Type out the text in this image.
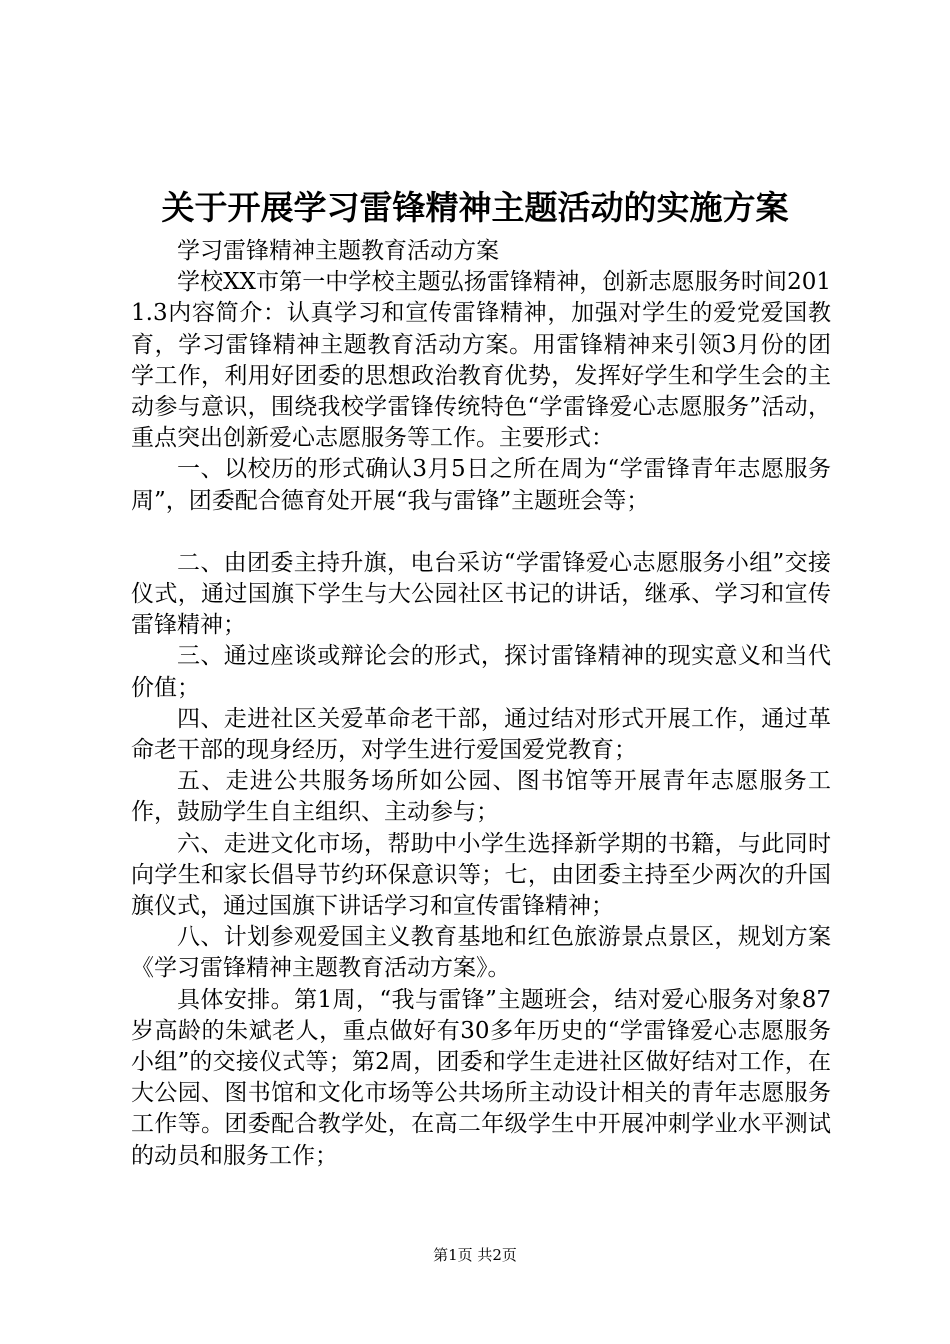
关于开展学习雷锋精神主题活动的实施方案

学习雷锋精神主题教育活动方案

学校XX市第一中学校主题弘扬雷锋精神，创新志愿服务时间2011.3内容简介：认真学习和宣传雷锋精神，加强对学生的爱党爱国教育，学习雷锋精神主题教育活动方案。用雷锋精神来引领3月份的团学工作，利用好团委的思想政治教育优势，发挥好学生和学生会的主动参与意识，围绕我校学雷锋传统特色“学雷锋爱心志愿服务”活动，重点突出创新爱心志愿服务等工作。主要形式：

一、以校历的形式确认3月5日之所在周为“学雷锋青年志愿服务周”，团委配合德育处开展“我与雷锋”主题班会等；

二、由团委主持升旗，电台采访“学雷锋爱心志愿服务小组”交接仪式，通过国旗下学生与大公园社区书记的讲话，继承、学习和宣传雷锋精神；

三、通过座谈或辩论会的形式，探讨雷锋精神的现实意义和当代价值；

四、走进社区关爱革命老干部，通过结对形式开展工作，通过革命老干部的现身经历，对学生进行爱国爱党教育；

五、走进公共服务场所如公园、图书馆等开展青年志愿服务工作，鼓励学生自主组织、主动参与；

六、走进文化市场，帮助中小学生选择新学期的书籍，与此同时向学生和家长倡导节约环保意识等；七，由团委主持至少两次的升国旗仪式，通过国旗下讲话学习和宣传雷锋精神；

八、计划参观爱国主义教育基地和红色旅游景点景区，规划方案《学习雷锋精神主题教育活动方案》。

具体安排。第1周，“我与雷锋”主题班会，结对爱心服务对象87岁高龄的朱斌老人，重点做好有30多年历史的“学雷锋爱心志愿服务小组”的交接仪式等；第2周，团委和学生走进社区做好结对工作，在大公园、图书馆和文化市场等公共场所主动设计相关的青年志愿服务工作等。团委配合教学处，在高二年级学生中开展冲刺学业水平测试的动员和服务工作；

第1页 共2页
